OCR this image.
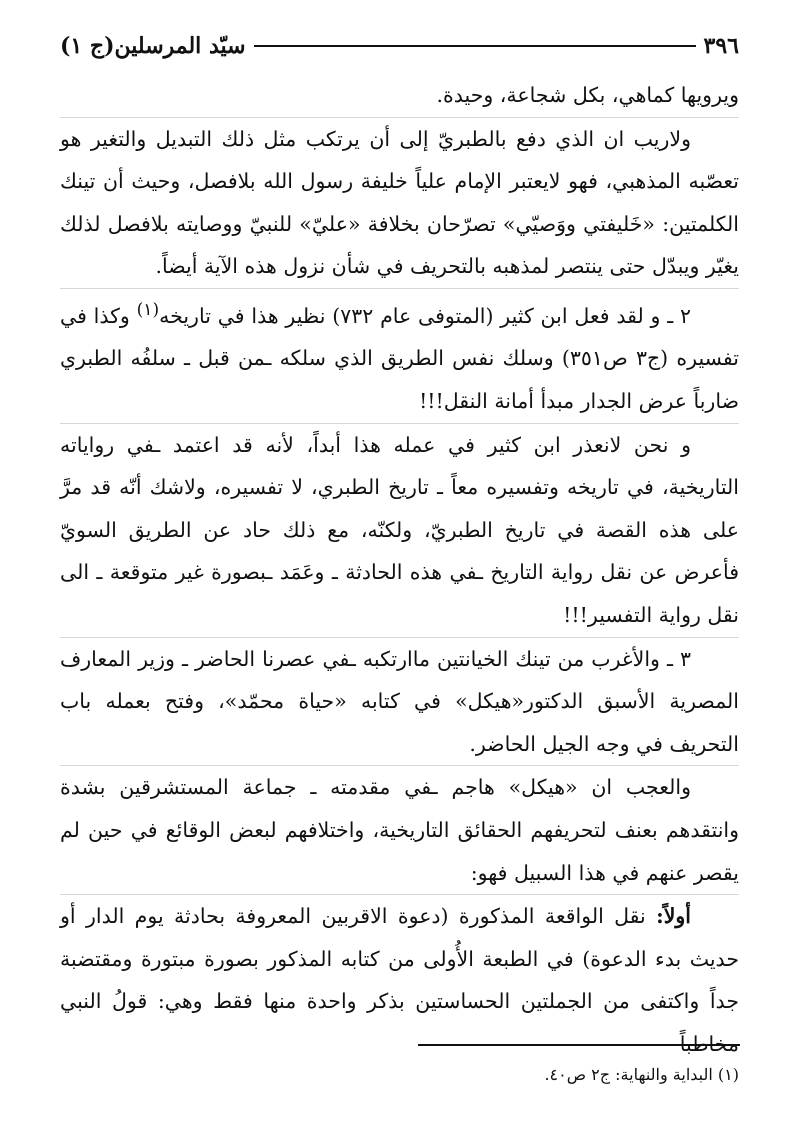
٣٩٦
سيّد المرسلين(ج ١)

ويرويها كماهي، بكل شجاعة، وحيدة.

ولاريب ان الذي دفع بالطبريّ إلى أن يرتكب مثل ذلك التبديل والتغير هو تعصّبه المذهبي، فهو لايعتبر الإمام علياً خليفة رسول الله بلافصل، وحيث أن تينك الكلمتين: «خَليفتي ووَصيّي» تصرّحان بخلافة «عليّ» للنبيّ ووصايته بلافصل لذلك يغيّر ويبدّل حتى ينتصر لمذهبه بالتحريف في شأن نزول هذه الآية أيضاً.

٢ ـ و لقد فعل ابن كثير (المتوفى عام ٧٣٢) نظير هذا في تاريخه$^{(١)}$ وكذا في تفسيره (ج٣ ص٣٥١) وسلك نفس الطريق الذي سلكه ـمن قبل ـ سلفُه الطبري ضارباً عرض الجدار مبدأ أمانة النقل!!!

و نحن لانعذر ابن كثير في عمله هذا أبداً، لأنه قد اعتمد ـفي رواياته التاريخية، في تاريخه وتفسيره معاً ـ تاريخ الطبري، لا تفسيره، ولاشك أنّه قد مرَّ على هذه القصة في تاريخ الطبريّ، ولكنّه، مع ذلك حاد عن الطريق السويّ فأعرض عن نقل رواية التاريخ ـفي هذه الحادثة ـ وعَمَد ـبصورة غير متوقعة ـ الى نقل رواية التفسير!!!

٣ ـ والأغرب من تينك الخيانتين ماارتكبه ـفي عصرنا الحاضر ـ وزير المعارف المصرية الأسبق الدكتور«هيكل» في كتابه «حياة محمّد»، وفتح بعمله باب التحريف في وجه الجيل الحاضر.

والعجب ان «هيكل» هاجم ـفي مقدمته ـ جماعة المستشرقين بشدة وانتقدهم بعنف لتحريفهم الحقائق التاريخية، واختلافهم لبعض الوقائع في حين لم يقصر عنهم في هذا السبيل فهو:

أولاً: نقل الواقعة المذكورة (دعوة الاقربين المعروفة بحادثة يوم الدار أو حديث بدء الدعوة) في الطبعة الأُولى من كتابه المذكور بصورة مبتورة ومقتضبة جداً واكتفى من الجملتين الحساستين بذكر واحدة منها فقط وهي: قولُ النبي مخاطباً

(١) البداية والنهاية: ج٢ ص٤٠.
